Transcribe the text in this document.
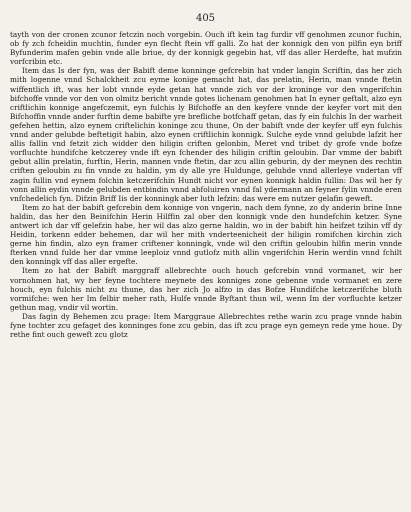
405

tayth von der cronen zcunor fetczin noch vorgebin. Ouch ift kein tag furdir vff genohmen zcunor fuchin, ob fy zch fcheidin muchtin, funder eyn flecht ftein vff galli. Zo hat der konnigk den von pilfin eyn briff Byfunderim mafen gebin vnde alle briue, dy der konnigk gegebin hat, vff das aller Herdefte, hat mufzin vorfcribin etc.

Item das Is der fyn, was der Babift deme konninge gefcrebin hat vnder langin Scriftin, das her zich mith logenne vnnd Schalckheit zcu eyme konige gemacht hat, das prelatin, Herin, man vnnde ftetin wiffentlich ift, was her lobt vnnde eyde getan hat vnnde zich vor der kroninge vor den vngerifchin bifchoffe vnnde vor den von olmitz bericht vnnde gotes lichenam genohmen hat In eyner geftalt, alzo eyn criftlichin konnige angefczemit, eyn fulchis ly Bifchoffe an den keyfere vnnde der keyfer vort mit den Bifchoffin vnnde ander furftin deme babifte yre brefliche botfchaff getan, das fy ein fulchis In der warheit gefehen hettin, alzo eynem criftelichin koninge zcu thune, On der babift vnde der keyfer uff eyn fulchis vnnd ander gelubde beftetigit habin, alzo eynen criftlichin konnigk. Sulche eyde vnnd gelubde lafzit her allis fallin vnd fetzit zich widder den hiligin criften gelonbin, Meret vnd tribet dy grofe vnde bofze vorfluchte hundifche ketczerey vnde ift eyn fchender des hiligin criftin geloubin. Dar vmme der babift gebut allin prelatin, furftin, Herin, mannen vnde ftetin, dar zcu allin geburin, dy der meynen des rechtin criften geloubin zu fin vnnde zu haldin, ym dy alle yre Huldunge, gelubde vnnd allerleye vndertan vff zagin fullin vnd eynem folchin ketczerifchin Hundt nicht vor eynen konnigk haldin fullin: Das wil her fy vonn allin eydin vnnde gelubden entbindin vnnd abfoluiren vnnd fal ydermann an feyner fylin vnnde eren vnfchedelich fyn. Difzin Briff Iis der konningk aber luth lefzin: das were em nutzer gelafin geweft.

Item zo hat der babift gefcrebin dem konnige von vngerin, nach dem fynne, zo dy anderin brine Inne haldin, das her den Beinifchin Herin Hilffin zal ober den konnigk vnde den hundefchin ketzer. Syne antwert ich dar vff gelefzin habe, her wil das alzo gerne haldin, wo in der babift hin heifzet tzihin vff dy Heidin, torkenn edder behemen, dar wil her mith vnderteenicheit der hiligin romifchen kirchin zich gerne hin findin, alzo eyn framer criftener konningk, vnde wil den criftin geloubin hilfin merin vnnde fterken vnnd fulde her dar vmme leeploiz vnnd gutlofz mith allin vngerifchin Herin werdin vnnd fchilt den konningk vff das aller ergefte.

Item zo hat der Babift marggraff allebrechte ouch houch gefcrebin vnnd vormanet, wir her vornohmen hat, wy her feyne tochtere meynete des konniges zone gebenne vnde vormanet en zere houch, eyn fulchis nicht zu thune, das her zich Jo alfzo in das Bofze Hundifche ketczerifche bluth vormifche: wen her Im felbir meher rath, Hulfe vnnde Byftant thun wil, wenn Im der vorfluchte ketzer gethun mag, vndir vil wortin.

Das fagin dy Behemen zcu prage: Item Marggraue Allebrechtes rethe warin zcu prage vnnde habin fyne tochter zcu gefaget des konninges fone zcu gebin, das ift zcu prage eyn gemeyn rede yme houe. Dy rethe fint ouch geweft zcu glotz
